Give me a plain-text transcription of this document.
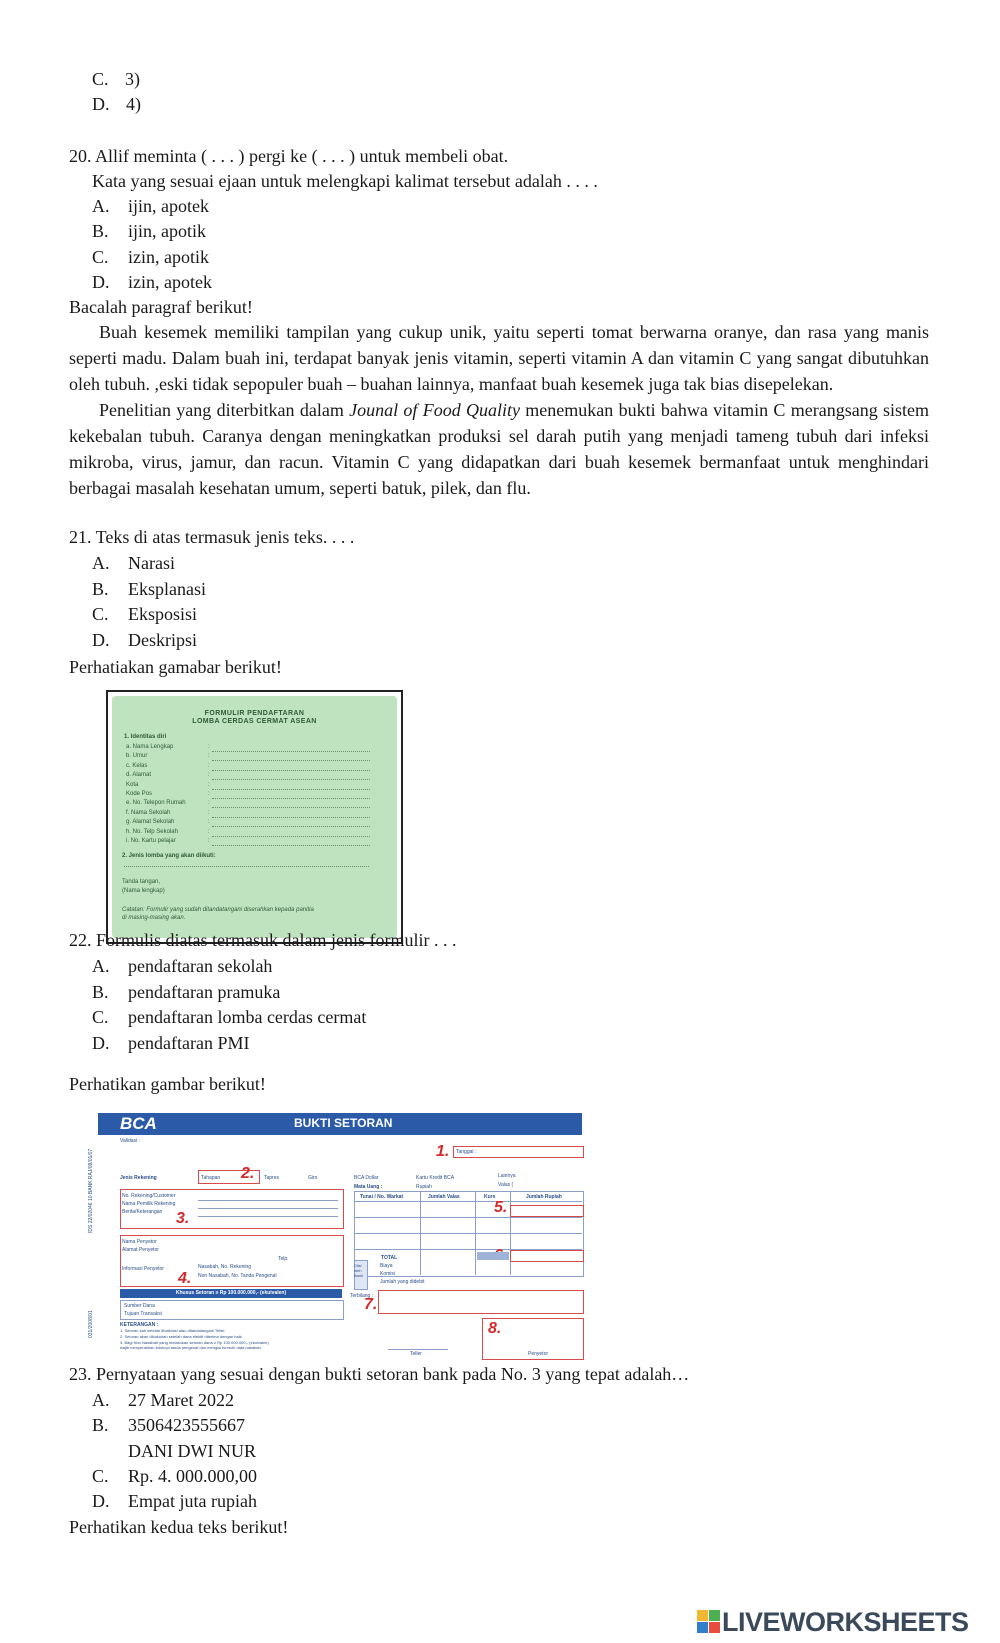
C. 3)
D. 4)
20. Allif meminta ( . . . ) pergi ke ( . . . ) untuk membeli obat.
Kata yang sesuai ejaan untuk melengkapi kalimat tersebut adalah . . . .
A. ijin, apotek
B. ijin, apotik
C. izin, apotik
D. izin, apotek
Bacalah paragraf berikut!

Buah kesemek memiliki tampilan yang cukup unik, yaitu seperti tomat berwarna oranye, dan rasa yang manis seperti madu. Dalam buah ini, terdapat banyak jenis vitamin, seperti vitamin A dan vitamin C yang sangat dibutuhkan oleh tubuh. ,eski tidak sepopuler buah – buahan lainnya, manfaat buah kesemek juga tak bias disepelekan.

Penelitian yang diterbitkan dalam Jounal of Food Quality menemukan bukti bahwa vitamin C merangsang sistem kekebalan tubuh. Caranya dengan meningkatkan produksi sel darah putih yang menjadi tameng tubuh dari infeksi mikroba, virus, jamur, dan racun. Vitamin C yang didapatkan dari buah kesemek bermanfaat untuk menghindari berbagai masalah kesehatan umum, seperti batuk, pilek, dan flu.

21. Teks di atas termasuk jenis teks. . . .
A. Narasi
B. Eksplanasi
C. Eksposisi
D. Deskripsi
Perhatiakan gamabar berikut!
FORMULIR PENDAFTARAN
LOMBA CERDAS CERMAT ASEAN
1. Identitas diri
a. Nama Lengkap	:
b. Umur	:
c. Kelas	:
d. Alamat	:
Kota	:
Kode Pos	:
e. No. Telepon Rumah	:
f. Nama Sekolah	:
g. Alamat Sekolah	:
h. No. Telp Sekolah	:
i. No. Kartu pelajar	:
2. Jenis lomba yang akan diikuti:
Tanda tangan,
(Nama lengkap)
Catatan: Formulir yang sudah ditandatangani diserahkan kepada panitia
di masing-masing akan.
22. Formulis diatas termasuk dalam jenis formulir . . .
A. pendaftaran sekolah
B. pendaftaran pramuka
C. pendaftaran lomba cerdas cermat
D. pendaftaran PMI
Perhatikan gambar berikut!
BCA	BUKTI SETORAN
Validasi :
1. Tanggal :
Jenis Rekening	Tahapan 2. Tapres	Giro	BCA Dollar	Kartu Kredit BCA	Lainnya
Mata Uang :	Rupiah	Valas (
No. Rekening/Customer
Nama Pemilik Rekening
Berita/Keterangan 3.
Tunai / No. Warkat	Jumlah Valas	Kurs	Jumlah Rupiah
5.
TOTAL
Nama Penyetor
Alamat Penyetor
Telp.
Informasi Penyetor	Nasabah, No. Rekening
Non Nasabah, No. Tanda Pengenal
4.
Diisi oleh Bank
Biaya
Komisi
Jumlah yang didebit
Khusus Setoran ≥ Rp 100.000.000,- (ekuivalen)	Terbilang :
7.
Sumber Dana
Tujuan Transaksi
KETERANGAN :
1. Setoran sah setelah divalidasi atau ditandatangani Teller.
2. Setoran akan dibukukan setelah dana efektif diterima dengan baik.
3. Bagi Non Nasabah yang melakukan setoran dana ≥ Rp 100.000.000,- (ekuivalen)
wajib menyerahkan fotokopi tanda pengenal dan mengisi formulir data nasabah.
Teller
8.
Penyetor
IDS 22/02046 10 BANK RAJ/08/01/07
031/2008/01
23. Pernyataan yang sesuai dengan bukti setoran bank pada No. 3 yang tepat adalah…
A. 27 Maret 2022
B. 3506423555667
DANI DWI NUR
C. Rp. 4. 000.000,00
D. Empat juta rupiah
Perhatikan kedua teks berikut!
LIVEWORKSHEETS
